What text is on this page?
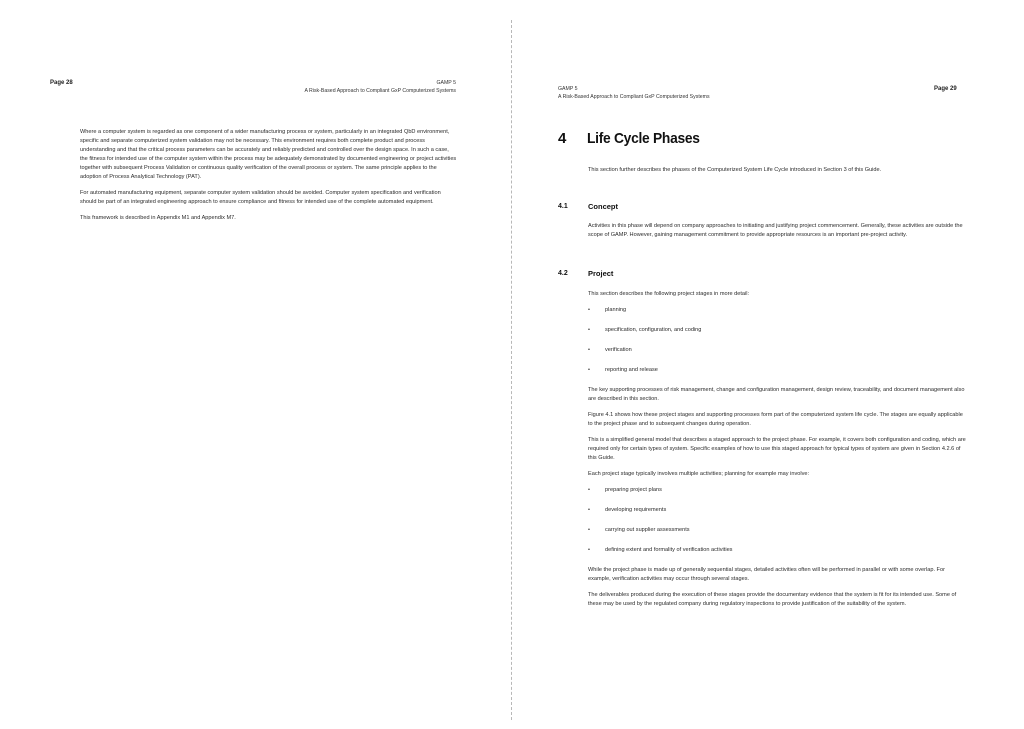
Page 28	GAMP 5
A Risk-Based Approach to Compliant GxP Computerized Systems

Where a computer system is regarded as one component of a wider manufacturing process or system, particularly in an integrated QbD environment, specific and separate computerized system validation may not be necessary. This environment requires both complete product and process understanding and that the critical process parameters can be accurately and reliably predicted and controlled over the design space. In such a case, the fitness for intended use of the computer system within the process may be adequately demonstrated by documented engineering or project activities together with subsequent Process Validation or continuous quality verification of the overall process or system. The same principle applies to the adoption of Process Analytical Technology (PAT).

For automated manufacturing equipment, separate computer system validation should be avoided. Computer system specification and verification should be part of an integrated engineering approach to ensure compliance and fitness for intended use of the complete automated equipment.

This framework is described in Appendix M1 and Appendix M7.

GAMP 5
A Risk-Based Approach to Compliant GxP Computerized Systems
Page 29
4 Life Cycle Phases

This section further describes the phases of the Computerized System Life Cycle introduced in Section 3 of this Guide.

4.1	Concept

Activities in this phase will depend on company approaches to initiating and justifying project commencement. Generally, these activities are outside the scope of GAMP. However, gaining management commitment to provide appropriate resources is an important pre-project activity.

4.2	Project

This section describes the following project stages in more detail:

•	planning
•	specification, configuration, and coding
•	verification
•	reporting and release

The key supporting processes of risk management, change and configuration management, design review, traceability, and document management also are described in this section.

Figure 4.1 shows how these project stages and supporting processes form part of the computerized system life cycle. The stages are equally applicable to the project phase and to subsequent changes during operation.

This is a simplified general model that describes a staged approach to the project phase. For example, it covers both configuration and coding, which are required only for certain types of system. Specific examples of how to use this staged approach for typical types of system are given in Section 4.2.6 of this Guide.

Each project stage typically involves multiple activities; planning for example may involve:

•	preparing project plans
•	developing requirements
•	carrying out supplier assessments
•	defining extent and formality of verification activities

While the project phase is made up of generally sequential stages, detailed activities often will be performed in parallel or with some overlap. For example, verification activities may occur through several stages.

The deliverables produced during the execution of these stages provide the documentary evidence that the system is fit for its intended use. Some of these may be used by the regulated company during regulatory inspections to provide justification of the suitability of the system.
